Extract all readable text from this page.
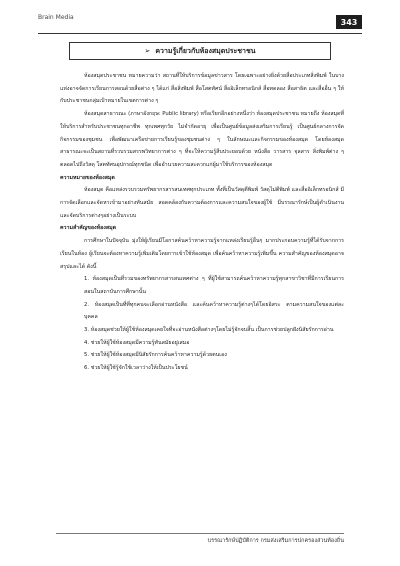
Brain Media	343
➢ ความรู้เกี่ยวกับห้องสมุดประชาชน

ห้องสมุดประชาชน หมายความว่า สถานที่ให้บริการข้อมูลข่าวสาร โดยเฉพาะอย่างยิ่งด้วยสื่อประเภทสิ่งพิมพ์ ในบางแห่งอาจจัดการเรียนการสอนด้วยสื่อต่าง ๆ ได้แก่ สื่อสิ่งพิมพ์ สื่อโสตทัศน์ สื่ออิเล็กทรอนิกส์ สื่อทดลอง สื่อสาธิต และสื่ออื่น ๆ ให้กับประชาชนกลุ่มเป้าหมายในเขตการต่าง ๆ

ห้องสมุดสาธารณะ (ภาษาอังกฤษ: Public library) หรือเรียกอีกอย่างหนึ่งว่า ห้องสมุดประชาชน หมายถึง ห้องสมุดที่ให้บริการสำหรับประชาชนทุกอาชีพ ทุกเพศทุกวัย ไม่จำกัดอายุ เพื่อเป็นศูนย์ข้อมูลส่งเสริมการเรียนรู้ เป็นศูนย์กลางการจัดกิจกรรมของชุมชน เพื่อพัฒนาเครือข่ายการเรียนรู้ของชุมชนต่าง ๆ ในลักษณะและกิจกรรมของห้องสมุด โดยห้องสมุดสาธารณะจะเป็นสถานที่รวบรวมสรรพวิทยาการต่าง ๆ ที่จะให้ความรู้สืบประยอบด้วย หนังสือ วารสาร จุลสาร สิ่งพิมพ์ต่าง ๆ ตลอดไปถึงวัสดุ โสตทัศนอุปกรณ์ทุกชนิด เพื่ออำนวยความสะดวกแก่ผู้มาใช้บริการของห้องสมุด

ความหมายของห้องสมุด

ห้องสมุด คือแหล่งรวบรวมทรัพยากรสารสนเทศทุกประเภท ทั้งที่เป็นวัสดุตีพิมพ์ วัสดุไม่ตีพิมพ์ และสื่ออิเล็กทรอนิกส์ มีการจัดเลือกและจัดหาเข้ามาอย่างทันสมัย สอดคล้องกับความต้องการและความสนใจของผู้ใช้ มีบรรณารักษ์เป็นผู้ดำเนินงานและจัดบริการต่างๆอย่างเป็นระบบ

ความสำคัญของห้องสมุด

การศึกษาในปัจจุบัน มุ่งให้ผู้เรียนมีโอกาสค้นคว้าหาความรู้จากแหล่งเรียนรู้อื่นๆ มากประกอบความรู้ที่ได้รับจากการเรียนในห้อง ผู้เรียนจะต้องหาความรู้เพิ่มเติมโดยการเข้าใช้ห้องสมุด เพื่อค้นคว้าหาความรู้เพิ่มขึ้น ความสำคัญของห้องสมุดอาจสรุปและได้ ดังนี้

1. ห้องสมุดเป็นที่รวมของทรัพยากรสารสนเทศต่าง ๆ ที่ผู้ใช้สามารถค้นคว้าหาความรู้ทุกสาขาวิชาที่มีการเรียนการสอนในสถาบันการศึกษานั้น

2. ห้องสมุดเป็นที่ที่ทุกคนจะเลือกอ่านหนังสือ และค้นคว้าหาความรู้ต่างๆได้โดยอิสระ ตามความสนใจของแต่ละบุคคล

3. ห้องสมุดช่วยให้ผู้ใช้ห้องสมุดเคยใจที่จะอ่านหนังสือต่างๆโดยไม่รู้จักจบสิ้น เป็นการช่วยปลูกฝังนิสัยรักการอ่าน

4. ช่วยให้ผู้ใช้ห้องสมุดมีความรู้ทันสมัยอยู่เสมอ

5. ช่วยให้ผู้ใช้ห้องสมุดมีนิสัยรักการค้นคว้าหาความรู้ด้วยตนเอง

6. ช่วยให้ผู้ใช้รู้จักใช้เวลาว่างให้เป็นประโยชน์

บรรณารักษ์ปฏิบัติการ กรมส่งเสริมการปกครองส่วนท้องถิ่น
